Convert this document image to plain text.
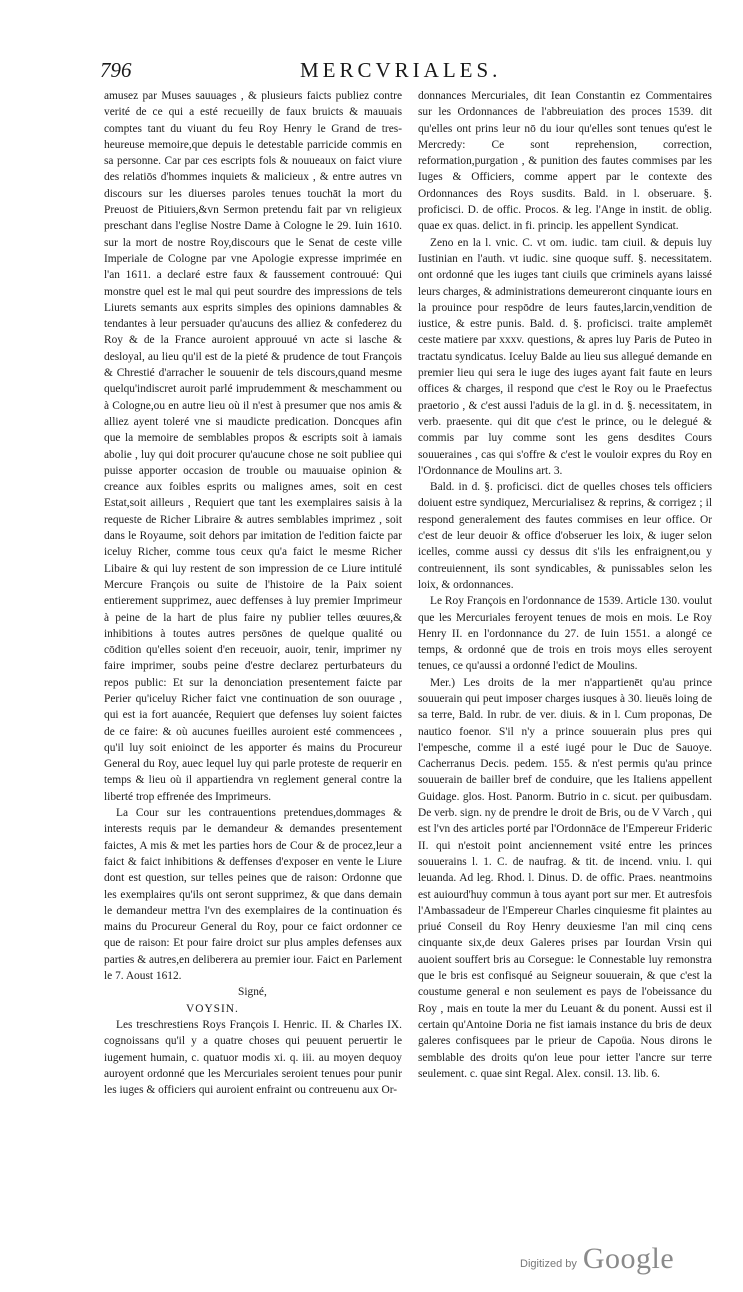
796	MERCVRIALES.

amusez par Muses sauuages , & plusieurs faicts publiez contre verité de ce qui a esté recueilly de faux bruicts & mauuais comptes tant du viuant du feu Roy Henry le Grand de tres-heureuse memoire,que depuis le detestable parricide commis en sa personne. Car par ces escripts fols & nouueaux on faict viure des relatiōs d'hommes inquiets & malicieux , & entre autres vn discours sur les diuerses paroles tenues touchāt la mort du Preuost de Pitiuiers,&vn Sermon pretendu fait par vn religieux preschant dans l'eglise Nostre Dame à Cologne le 29. Iuin 1610. sur la mort de nostre Roy,discours que le Senat de ceste ville Imperiale de Cologne par vne Apologie expresse imprimée en l'an 1611. a declaré estre faux & faussement controuué: Qui monstre quel est le mal qui peut sourdre des impressions de tels Liurets semants aux esprits simples des opinions damnables & tendantes à leur persuader qu'aucuns des alliez & confederez du Roy & de la France auroient approuué vn acte si lasche & desloyal, au lieu qu'il est de la pieté & prudence de tout François & Chrestié d'arracher le souuenir de tels discours,quand mesme quelqu'indiscret auroit parlé imprudemment & meschamment ou à Cologne,ou en autre lieu où il n'est à presumer que nos amis & alliez ayent toleré vne si maudicte predication. Doncques afin que la memoire de semblables propos & escripts soit à iamais abolie , luy qui doit procurer qu'aucune chose ne soit publiee qui puisse apporter occasion de trouble ou mauuaise opinion & creance aux foibles esprits ou malignes ames, soit en cest Estat,soit ailleurs , Requiert que tant les exemplaires saisis à la requeste de Richer Libraire & autres semblables imprimez , soit dans le Royaume, soit dehors par imitation de l'edition faicte par iceluy Richer, comme tous ceux qu'a faict le mesme Richer Libaire & qui luy restent de son impression de ce Liure intitulé Mercure François ou suite de l'histoire de la Paix soient entierement supprimez, auec deffenses à luy premier Imprimeur à peine de la hart de plus faire ny publier telles œuures,& inhibitions à toutes autres persōnes de quelque qualité ou cōdition qu'elles soient d'en receuoir, auoir, tenir, imprimer ny faire imprimer, soubs peine d'estre declarez perturbateurs du repos public: Et sur la denonciation presentement faicte par Perier qu'iceluy Richer faict vne continuation de son ouurage , qui est ia fort auancée, Requiert que defenses luy soient faictes de ce faire: & où aucunes fueilles auroient esté commencees , qu'il luy soit enioinct de les apporter és mains du Procureur General du Roy, auec lequel luy qui parle proteste de requerir en temps & lieu où il appartiendra vn reglement general contre la liberté trop effrenée des Imprimeurs.

La Cour sur les contrauentions pretendues,dommages & interests requis par le demandeur & demandes presentement faictes, A mis & met les parties hors de Cour & de procez,leur a faict & faict inhibitions & deffenses d'exposer en vente le Liure dont est question, sur telles peines que de raison: Ordonne que les exemplaires qu'ils ont seront supprimez, & que dans demain le demandeur mettra l'vn des exemplaires de la continuation és mains du Procureur General du Roy, pour ce faict ordonner ce que de raison: Et pour faire droict sur plus amples defenses aux parties & autres,en deliberera au premier iour. Faict en Parlement le 7. Aoust 1612.

Signé, VOYSIN.

Les treschrestiens Roys François I. Henric. II. & Charles IX. cognoissans qu'il y a quatre choses qui peuuent peruertir le iugement humain, c. quatuor modis xi. q. iii. au moyen dequoy auroyent ordonné que les Mercuriales seroient tenues pour punir les iuges & officiers qui auroient enfraint ou contreuenu aux Or-

donnances Mercuriales, dit Iean Constantin ez Commentaires sur les Ordonnances de l'abbreuiation des proces 1539. dit qu'elles ont prins leur nō du iour qu'elles sont tenues qu'est le Mercredy: Ce sont reprehension, correction, reformation,purgation , & punition des fautes commises par les Iuges & Officiers, comme appert par le contexte des Ordonnances des Roys susdits. Bald. in l. obseruare. §. proficisci. D. de offic. Procos. & leg. l'Ange in instit. de oblig. quae ex quas. delict. in fi. princip. les appellent Syndicat.

Zeno en la l. vnic. C. vt om. iudic. tam ciuil. & depuis luy Iustinian en l'auth. vt iudic. sine quoque suff. §. necessitatem. ont ordonné que les iuges tant ciuils que criminels ayans laissé leurs charges, & administrations demeureront cinquante iours en la prouince pour respōdre de leurs fautes,larcin,vendition de iustice, & estre punis. Bald. d. §. proficisci. traite amplemēt ceste matiere par xxxv. questions, & apres luy Paris de Puteo in tractatu syndicatus. Iceluy Balde au lieu sus allegué demande en premier lieu qui sera le iuge des iuges ayant fait faute en leurs offices & charges, il respond que c'est le Roy ou le Praefectus praetorio , & c'est aussi l'aduis de la gl. in d. §. necessitatem, in verb. praesente. qui dit que c'est le prince, ou le delegué & commis par luy comme sont les gens desdites Cours souueraines , cas qui s'offre & c'est le vouloir expres du Roy en l'Ordonnance de Moulins art. 3.

Bald. in d. §. proficisci. dict de quelles choses tels officiers doiuent estre syndiquez, Mercurialisez & reprins, & corrigez ; il respond generalement des fautes commises en leur office. Or c'est de leur deuoir & office d'obseruer les loix, & iuger selon icelles, comme aussi cy dessus dit s'ils les enfraignent,ou y contreuiennent, ils sont syndicables, & punissables selon les loix, & ordonnances.

Le Roy François en l'ordonnance de 1539. Article 130. voulut que les Mercuriales feroyent tenues de mois en mois. Le Roy Henry II. en l'ordonnance du 27. de Iuin 1551. a alongé ce temps, & ordonné que de trois en trois moys elles seroyent tenues, ce qu'aussi a ordonné l'edict de Moulins.

Mer.) Les droits de la mer n'appartienēt qu'au prince souuerain qui peut imposer charges iusques à 30. lieuës loing de sa terre, Bald. In rubr. de ver. diuis. & in l. Cum proponas, De nautico foenor. S'il n'y a prince souuerain plus pres qui l'empesche, comme il a esté iugé pour le Duc de Sauoye. Cacherranus Decis. pedem. 155. & n'est permis qu'au prince souuerain de bailler bref de conduire, que les Italiens appellent Guidage. glos. Host. Panorm. Butrio in c. sicut. per quibusdam. De verb. sign. ny de prendre le droit de Bris, ou de V Varch , qui est l'vn des articles porté par l'Ordonnāce de l'Empereur Frideric II. qui n'estoit point anciennement vsité entre les princes souuerains l. 1. C. de naufrag. & tit. de incend. vniu. l. qui leuanda. Ad leg. Rhod. l. Dinus. D. de offic. Praes. neantmoins est auiourd'huy commun à tous ayant port sur mer. Et autresfois l'Ambassadeur de l'Empereur Charles cinquiesme fit plaintes au priué Conseil du Roy Henry deuxiesme l'an mil cinq cens cinquante six,de deux Galeres prises par Iourdan Vrsin qui auoient souffert bris au Corsegue: le Connestable luy remonstra que le bris est confisqué au Seigneur souuerain, & que c'est la coustume general e non seulement es pays de l'obeissance du Roy , mais en toute la mer du Leuant & du ponent. Aussi est il certain qu'Antoine Doria ne fist iamais instance du bris de deux galeres confisquees par le prieur de Capoüa. Nous dirons le semblable des droits qu'on leue pour ietter l'ancre sur terre seulement. c. quae sint Regal. Alex. consil. 13. lib. 6.

Digitized by Google
